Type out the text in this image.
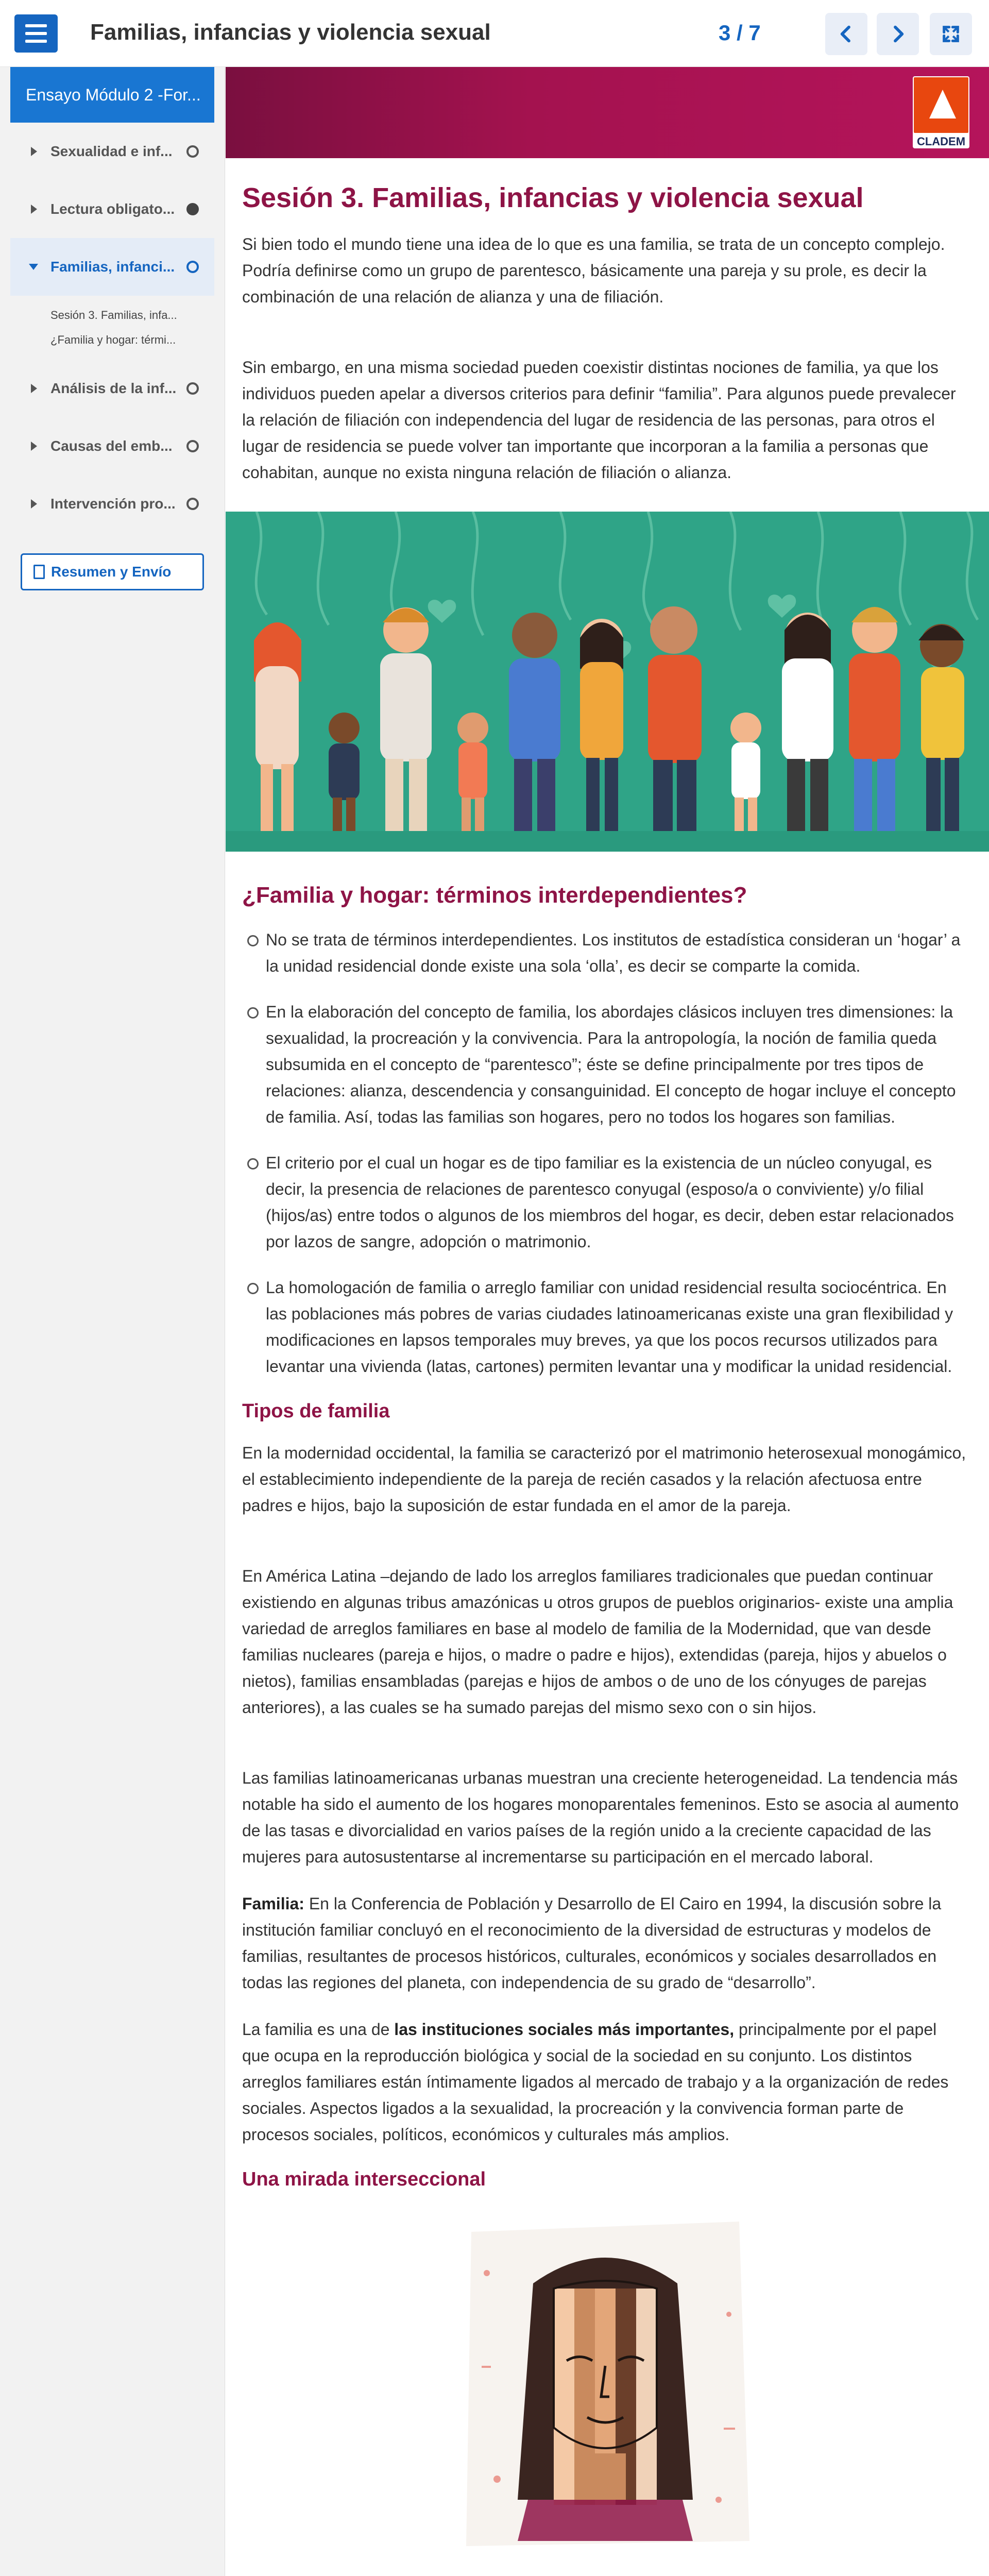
Familias, infancias y violencia sexual	3 / 7
Ensayo Módulo 2 -For...
Sexualidad e inf...
Lectura obligato...
Familias, infanci...
Sesión 3. Familias, infa...
¿Familia y hogar: térmi...
Análisis de la inf...
Causas del emb...
Intervención pro...
Resumen y Envío
CLADEM
Sesión 3. Familias, infancias y violencia sexual

Si bien todo el mundo tiene una idea de lo que es una familia, se trata de un concepto complejo. Podría definirse como un grupo de parentesco, básicamente una pareja y su prole, es decir la combinación de una relación de alianza y una de filiación.

Sin embargo, en una misma sociedad pueden coexistir distintas nociones de familia, ya que los individuos pueden apelar a diversos criterios para definir “familia”. Para algunos puede prevalecer la relación de filiación con independencia del lugar de residencia de las personas, para otros el lugar de residencia se puede volver tan importante que incorporan a la familia a personas que cohabitan, aunque no exista ninguna relación de filiación o alianza.

¿Familia y hogar: términos interdependientes?
No se trata de términos interdependientes. Los institutos de estadística consideran un ‘hogar’ a la unidad residencial donde existe una sola ‘olla’, es decir se comparte la comida.
En la elaboración del concepto de familia, los abordajes clásicos incluyen tres dimensiones: la sexualidad, la procreación y la convivencia. Para la antropología, la noción de familia queda subsumida en el concepto de “parentesco”; éste se define principalmente por tres tipos de relaciones: alianza, descendencia y consanguinidad. El concepto de hogar incluye el concepto de familia. Así, todas las familias son hogares, pero no todos los hogares son familias.
El criterio por el cual un hogar es de tipo familiar es la existencia de un núcleo conyugal, es decir, la presencia de relaciones de parentesco conyugal (esposo/a o conviviente) y/o filial (hijos/as) entre todos o algunos de los miembros del hogar, es decir, deben estar relacionados por lazos de sangre, adopción o matrimonio.
La homologación de familia o arreglo familiar con unidad residencial resulta sociocéntrica. En las poblaciones más pobres de varias ciudades latinoamericanas existe una gran flexibilidad y modificaciones en lapsos temporales muy breves, ya que los pocos recursos utilizados para levantar una vivienda (latas, cartones) permiten levantar una y modificar la unidad residencial.
Tipos de familia

En la modernidad occidental, la familia se caracterizó por el matrimonio heterosexual monogámico, el establecimiento independiente de la pareja de recién casados y la relación afectuosa entre padres e hijos, bajo la suposición de estar fundada en el amor de la pareja.

En América Latina –dejando de lado los arreglos familiares tradicionales que puedan continuar existiendo en algunas tribus amazónicas u otros grupos de pueblos originarios- existe una amplia variedad de arreglos familiares en base al modelo de familia de la Modernidad, que van desde familias nucleares (pareja e hijos, o madre o padre e hijos), extendidas (pareja, hijos y abuelos o nietos), familias ensambladas (parejas e hijos de ambos o de uno de los cónyuges de parejas anteriores), a las cuales se ha sumado parejas del mismo sexo con o sin hijos.

Las familias latinoamericanas urbanas muestran una creciente heterogeneidad. La tendencia más notable ha sido el aumento de los hogares monoparentales femeninos. Esto se asocia al aumento de las tasas e divorcialidad en varios países de la región unido a la creciente capacidad de las mujeres para autosustentarse al incrementarse su participación en el mercado laboral.

Familia: En la Conferencia de Población y Desarrollo de El Cairo en 1994, la discusión sobre la institución familiar concluyó en el reconocimiento de la diversidad de estructuras y modelos de familias, resultantes de procesos históricos, culturales, económicos y sociales desarrollados en todas las regiones del planeta, con independencia de su grado de “desarrollo”.

La familia es una de las instituciones sociales más importantes, principalmente por el papel que ocupa en la reproducción biológica y social de la sociedad en su conjunto. Los distintos arreglos familiares están íntimamente ligados al mercado de trabajo y a la organización de redes sociales. Aspectos ligados a la sexualidad, la procreación y la convivencia forman parte de procesos sociales, políticos, económicos y culturales más amplios.

Una mirada interseccional
